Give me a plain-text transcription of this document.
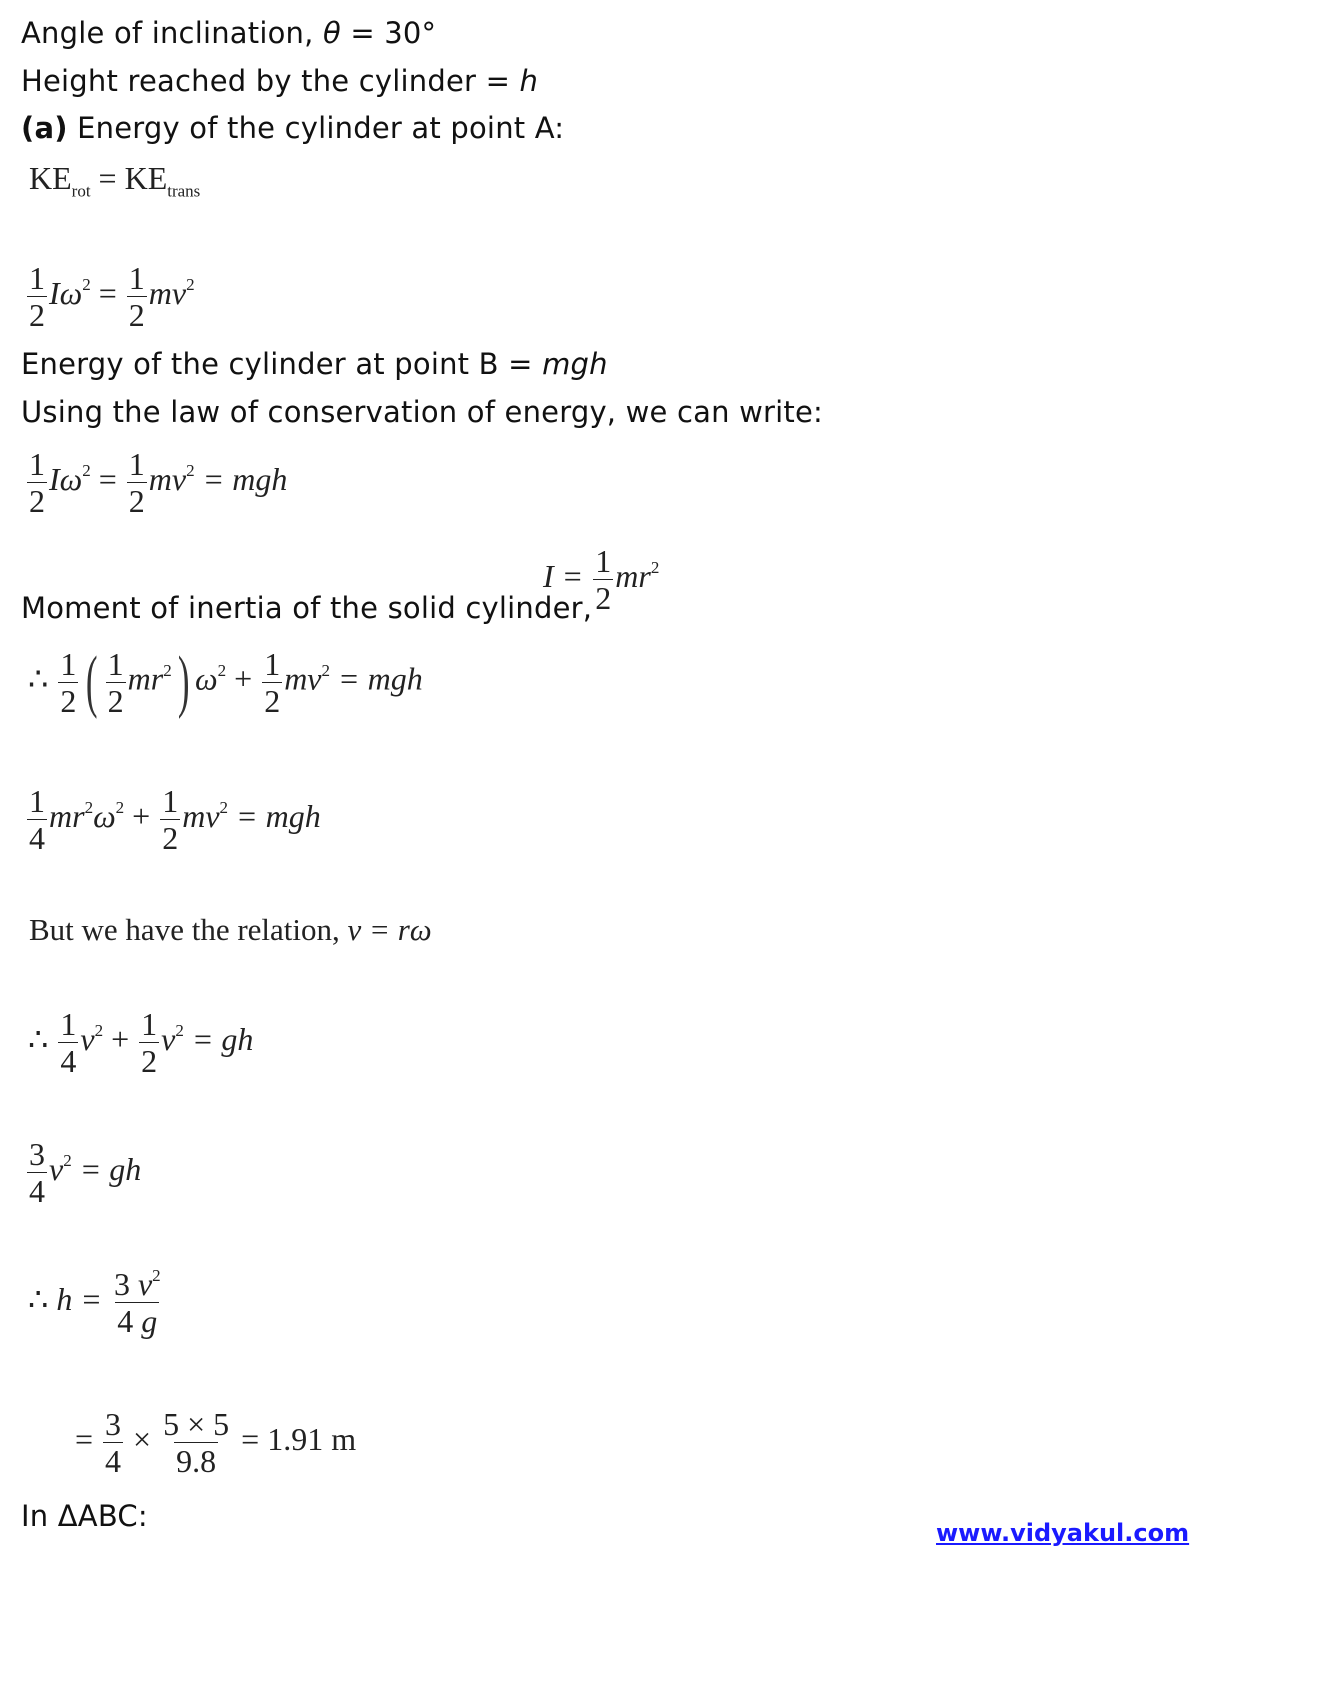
Angle of inclination, θ = 30°
Height reached by the cylinder = h
(a) Energy of the cylinder at point A:
$KE_{rot} = KE_{trans}$
$\frac{1}{2} I\omega^2 = \frac{1}{2} mv^2$
Energy of the cylinder at point B = mgh
Using the law of conservation of energy, we can write:
$\frac{1}{2} I\omega^2 = \frac{1}{2} mv^2$ = mgh
Moment of inertia of the solid cylinder,
$I = \frac{1}{2} mr^2$
∴ $\frac{1}{2}$ ( $\frac{1}{2} mr^2$) $\omega^2 + \frac{1}{2} mv^2$ = mgh
$\frac{1}{4} mr^2\omega^2 + \frac{1}{2} mv^2$ = mgh
But we have the relation, v = rω
∴ $\frac{1}{4} v^2 + \frac{1}{2} v^2$ = gh
$\frac{3}{4} v^2$ = gh
∴ $h = \frac{3 v^2}{4 g}$
= $\frac{3}{4} \times \frac{5 \times 5}{9.8} = 1.91$ m
In ΔABC:	www.vidyakul.com
